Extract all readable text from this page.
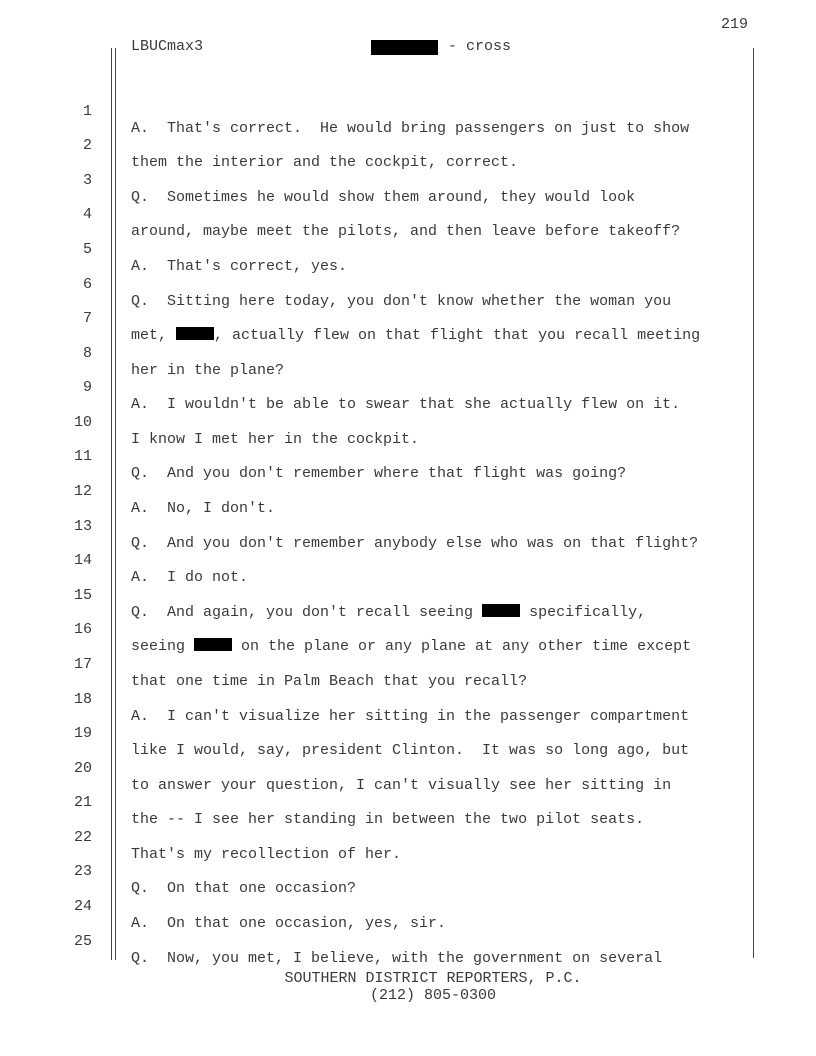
219
LBUCmax3	- cross

1

A.  That's correct.  He would bring passengers on just to show

2

them the interior and the cockpit, correct.

3

Q.  Sometimes he would show them around, they would look

4

around, maybe meet the pilots, and then leave before takeoff?

5

A.  That's correct, yes.

6

Q.  Sitting here today, you don't know whether the woman you

7

met,	, actually flew on that flight that you recall meeting

8

her in the plane?

9

A.  I wouldn't be able to swear that she actually flew on it.

10

I know I met her in the cockpit.

11

Q.  And you don't remember where that flight was going?

12

A.  No, I don't.

13

Q.  And you don't remember anybody else who was on that flight?

14

A.  I do not.

15

Q.  And again, you don't recall seeing	specifically,

16

seeing	on the plane or any plane at any other time except

17

that one time in Palm Beach that you recall?

18

A.  I can't visualize her sitting in the passenger compartment

19

like I would, say, president Clinton.  It was so long ago, but

20

to answer your question, I can't visually see her sitting in

21

the -- I see her standing in between the two pilot seats.

22

That's my recollection of her.

23

Q.  On that one occasion?

24

A.  On that one occasion, yes, sir.

25

Q.  Now, you met, I believe, with the government on several

SOUTHERN DISTRICT REPORTERS, P.C.
(212) 805-0300
